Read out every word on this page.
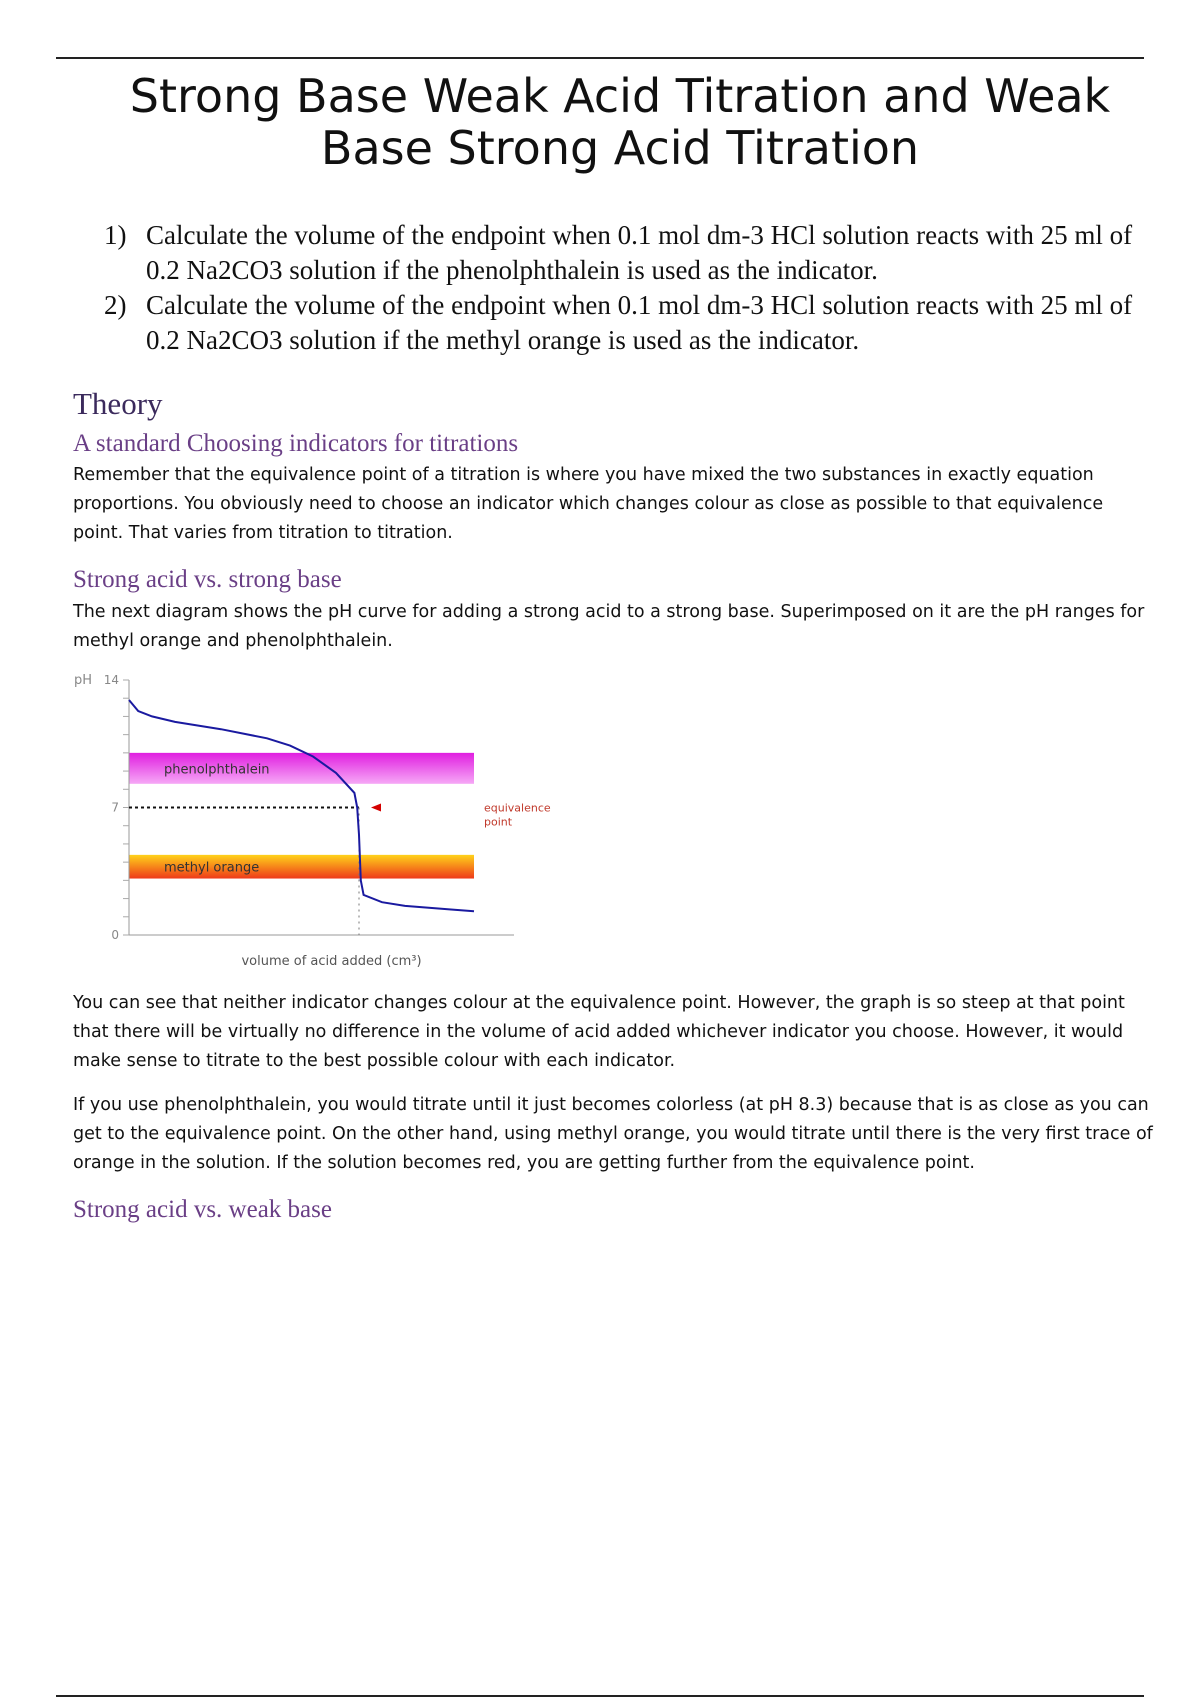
Strong Base Weak Acid Titration and Weak Base Strong Acid Titration
1) Calculate the volume of the endpoint when 0.1 mol dm-3 HCl solution reacts with 25 ml of 0.2 Na2CO3 solution if the phenolphthalein is used as the indicator.
2) Calculate the volume of the endpoint when 0.1 mol dm-3 HCl solution reacts with 25 ml of 0.2 Na2CO3 solution if the methyl orange is used as the indicator.
Theory
A standard Choosing indicators for titrations

Remember that the equivalence point of a titration is where you have mixed the two substances in exactly equation proportions. You obviously need to choose an indicator which changes colour as close as possible to that equivalence point. That varies from titration to titration.

Strong acid vs. strong base

The next diagram shows the pH curve for adding a strong acid to a strong base. Superimposed on it are the pH ranges for methyl orange and phenolphthalein.

phenolphthalein
methyl orange
pH 14
7
0
equivalence
point
volume of acid added (cm³)

You can see that neither indicator changes colour at the equivalence point. However, the graph is so steep at that point that there will be virtually no difference in the volume of acid added whichever indicator you choose. However, it would make sense to titrate to the best possible colour with each indicator.

If you use phenolphthalein, you would titrate until it just becomes colorless (at pH 8.3) because that is as close as you can get to the equivalence point. On the other hand, using methyl orange, you would titrate until there is the very first trace of orange in the solution. If the solution becomes red, you are getting further from the equivalence point.

Strong acid vs. weak base
